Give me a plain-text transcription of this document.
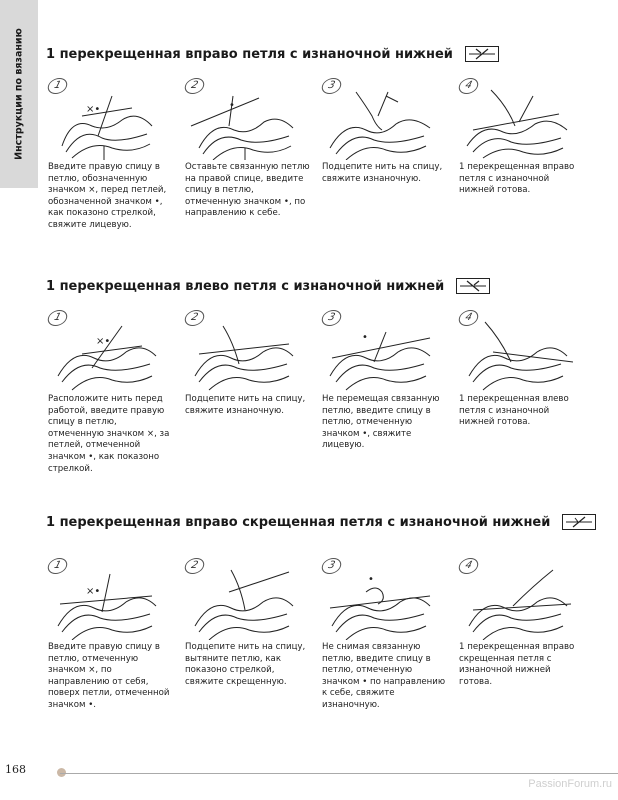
Инструкции по вязанию 1 перекрещенная вправо петля с изнаночной нижней
1
×•
Введите правую спицу в петлю, обозначенную значком ×, перед петлей, обозначенной значком •, как показоно стрелкой, свяжите лицевую.
2
•
Оставьте связанную петлю на правой спице, введите спицу в петлю, отмеченную значком •, по направлению к себе.
3
Подцепите нить на спицу, свяжите изнаночную.
4
1 перекрещенная вправо петля с изнаночной нижней готова.
1 перекрещенная влево петля с изнаночной нижней
1
×•
Расположите нить перед работой, введите правую спицу в петлю, отмеченную значком ×, за петлей, отмеченной значком •, как показоно стрелкой.
2
Подцепите нить на спицу, свяжите изнаночную.
3
•
Не перемещая связанную петлю, введите спицу в петлю, отмеченную значком •, свяжите лицевую.
4
1 перекрещенная влево петля с изнаночной нижней готова.
1 перекрещенная вправо скрещенная петля с изнаночной нижней
1
×•
Введите правую спицу в петлю, отмеченную значком ×, по направлению от себя, поверх петли, отмеченной значком •.
2
Подцепите нить на спицу, вытяните петлю, как показоно стрелкой, свяжите скрещенную.
3
•
Не снимая связанную петлю, введите спицу в петлю, отмеченную значком • по направлению к себе, свяжите изнаночную.
4
1 перекрещенная вправо скрещенная петля с изнаночной нижней готова.
168
PassionForum.ru
